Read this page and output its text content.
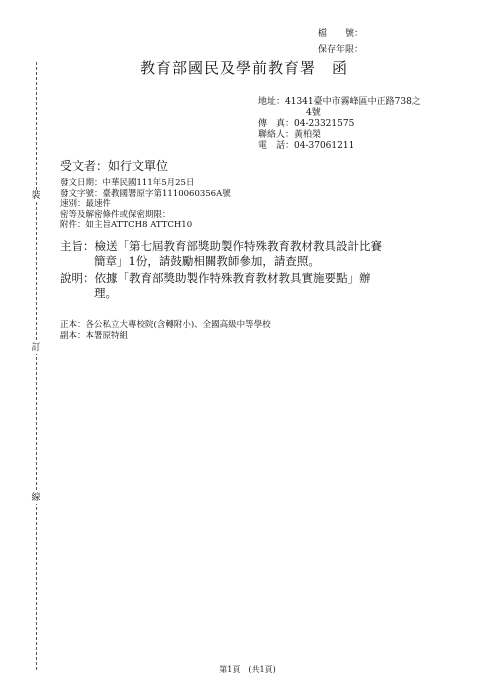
裝
訂
線
檔　　號：
保存年限：
教育部國民及學前教育署　函
地址：41341臺中市霧峰區中正路738之
4號
傳　真：04-23321575
聯絡人：黃柏榮
電　話：04-37061211
受文者：如行文單位
發文日期：中華民國111年5月25日
發文字號：臺教國署原字第1110060356A號
速別：最速件
密等及解密條件或保密期限：
附件：如主旨ATTCH8 ATTCH10
主旨：檢送「第七屆教育部獎助製作特殊教育教材教具設計比賽
簡章」1份，請鼓勵相關教師參加，請查照。
說明：依據「教育部獎助製作特殊教育教材教具實施要點」辦
理。
正本：各公私立大專校院(含轉附小)、全國高級中等學校
副本：本署原特組
第1頁　(共1頁)
